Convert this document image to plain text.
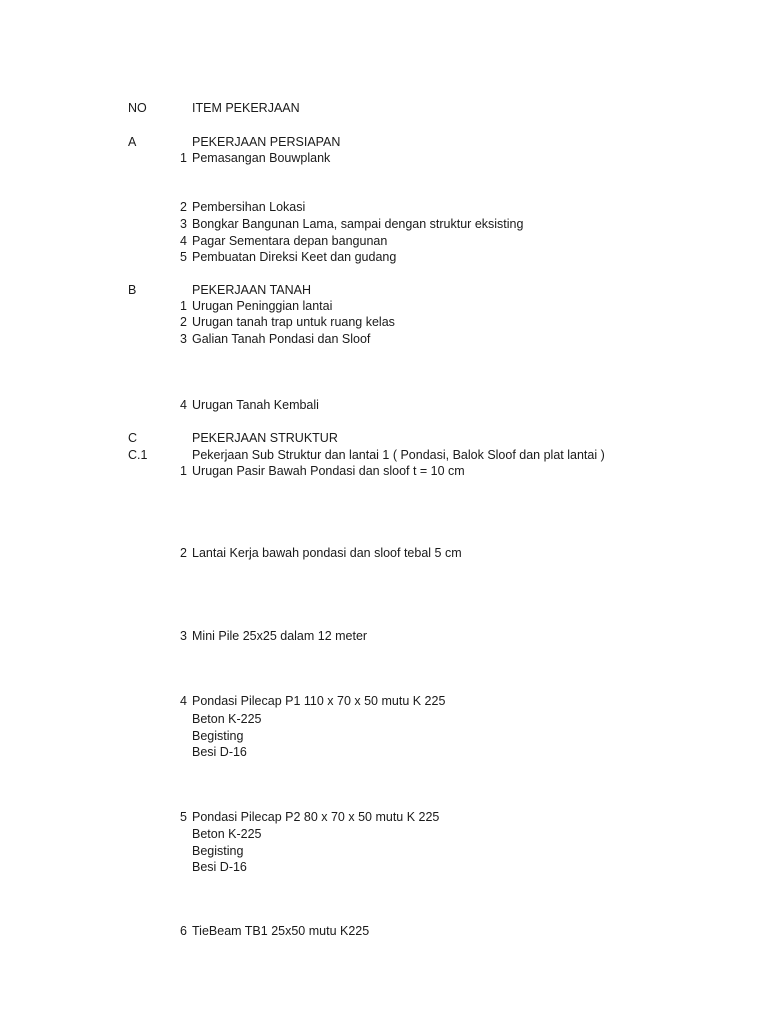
NO	ITEM PEKERJAAN
A	PEKERJAAN PERSIAPAN
1 Pemasangan Bouwplank
2 Pembersihan Lokasi
3 Bongkar Bangunan Lama, sampai dengan struktur eksisting
4 Pagar Sementara depan bangunan
5 Pembuatan Direksi Keet dan gudang
B	PEKERJAAN TANAH
1 Urugan Peninggian lantai
2 Urugan tanah trap untuk ruang kelas
3 Galian Tanah Pondasi dan Sloof
4 Urugan Tanah Kembali
C	PEKERJAAN STRUKTUR
C.1	Pekerjaan Sub Struktur dan lantai 1 ( Pondasi, Balok Sloof dan plat lantai )
1 Urugan Pasir Bawah Pondasi dan sloof t = 10 cm
2 Lantai Kerja bawah pondasi dan sloof tebal 5 cm
3 Mini Pile 25x25 dalam 12 meter
4 Pondasi Pilecap P1 110 x 70 x 50 mutu K 225
Beton K-225
Begisting
Besi D-16
5 Pondasi Pilecap P2 80 x 70 x 50 mutu K 225
Beton K-225
Begisting
Besi D-16
6 TieBeam TB1 25x50 mutu K225
